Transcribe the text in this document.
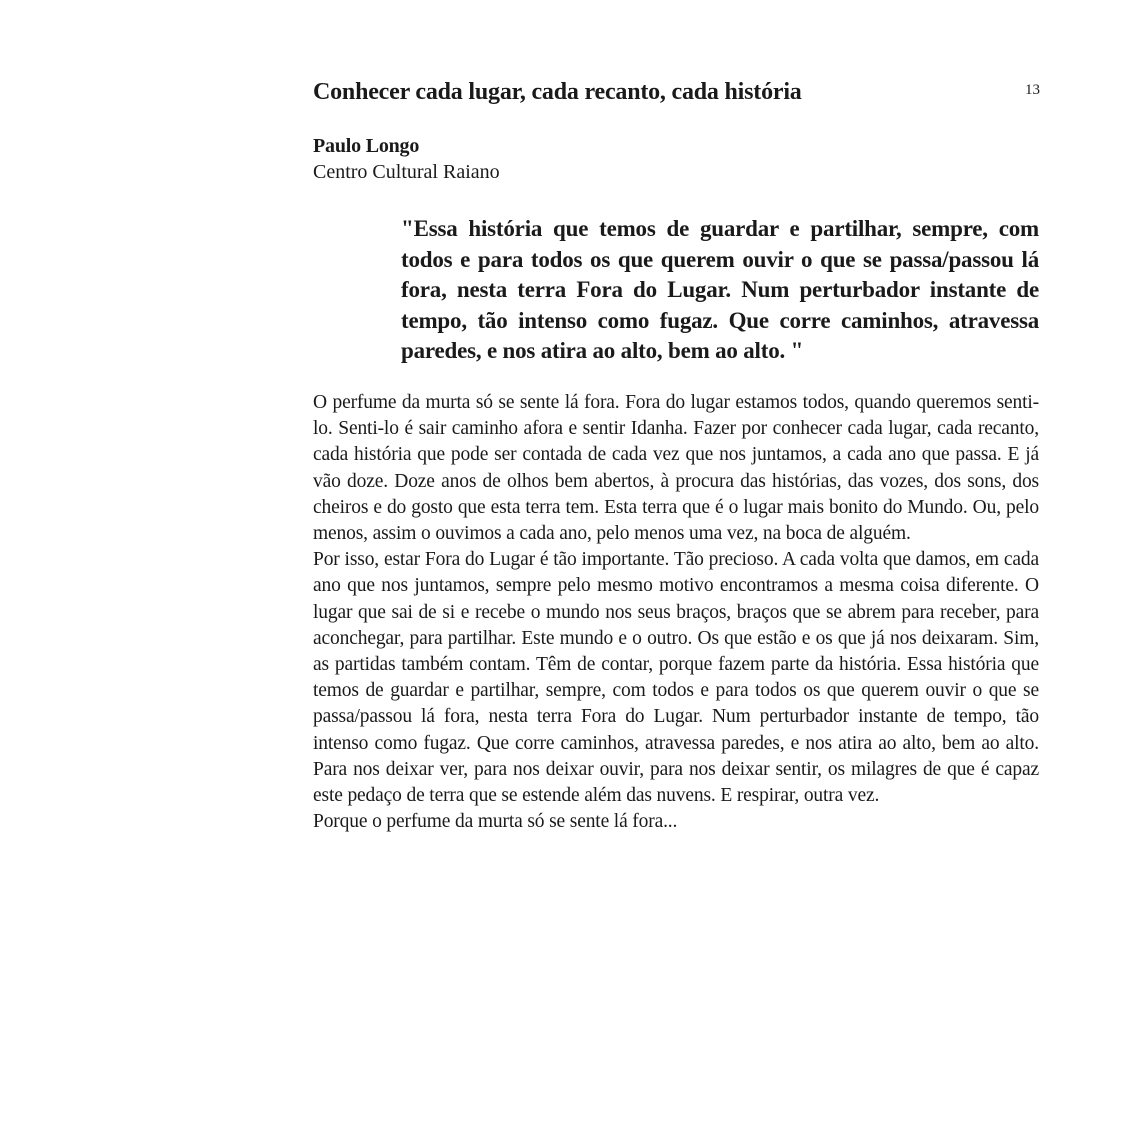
13
Conhecer cada lugar, cada recanto, cada história
Paulo Longo
Centro Cultural Raiano
"Essa história que temos de guardar e partilhar, sempre, com todos e para todos os que querem ouvir o que se passa/passou lá fora, nesta terra Fora do Lugar. Num perturbador instante de tempo, tão intenso como fugaz. Que corre caminhos, atravessa paredes, e nos atira ao alto, bem ao alto. "

O perfume da murta só se sente lá fora. Fora do lugar estamos todos, quando queremos senti-lo. Senti-lo é sair caminho afora e sentir Idanha. Fazer por conhecer cada lugar, cada recanto, cada história que pode ser contada de cada vez que nos juntamos, a cada ano que passa. E já vão doze. Doze anos de olhos bem abertos, à procura das histórias, das vozes, dos sons, dos cheiros e do gosto que esta terra tem. Esta terra que é o lugar mais bonito do Mundo. Ou, pelo menos, assim o ouvimos a cada ano, pelo menos uma vez, na boca de alguém.

Por isso, estar Fora do Lugar é tão importante. Tão precioso. A cada volta que damos, em cada ano que nos juntamos, sempre pelo mesmo motivo encontramos a mesma coisa diferente. O lugar que sai de si e recebe o mundo nos seus braços, braços que se abrem para receber, para aconchegar, para partilhar. Este mundo e o outro. Os que estão e os que já nos deixaram. Sim, as partidas também contam. Têm de contar, porque fazem parte da história. Essa história que temos de guardar e partilhar, sempre, com todos e para todos os que querem ouvir o que se passa/passou lá fora, nesta terra Fora do Lugar. Num perturbador instante de tempo, tão intenso como fugaz. Que corre caminhos, atravessa paredes, e nos atira ao alto, bem ao alto. Para nos deixar ver, para nos deixar ouvir, para nos deixar sentir, os milagres de que é capaz este pedaço de terra que se estende além das nuvens. E respirar, outra vez.

Porque o perfume da murta só se sente lá fora...
